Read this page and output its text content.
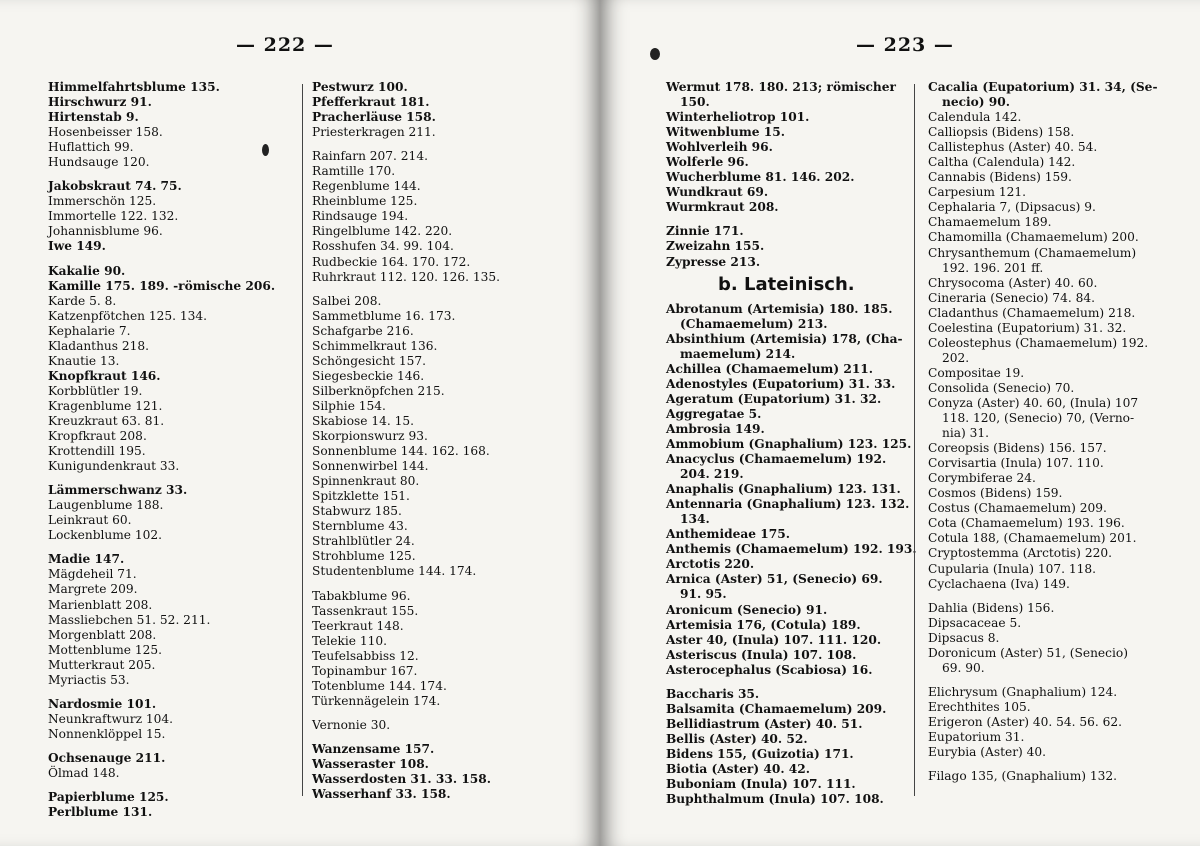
— 222 —
Himmelfahrtsblume 135.
Hirschwurz 91.
Hirtenstab 9.
Hosenbeisser 158.
Huflattich 99.
Hundsauge 120.
Jakobskraut 74. 75.
Immerschön 125.
Immortelle 122. 132.
Johannisblume 96.
Iwe 149.
Kakalie 90.
Kamille 175. 189. -römische 206.
Karde 5. 8.
Katzenpfötchen 125. 134.
Kephalarie 7.
Kladanthus 218.
Knautie 13.
Knopfkraut 146.
Korbblütler 19.
Kragenblume 121.
Kreuzkraut 63. 81.
Kropfkraut 208.
Krottendill 195.
Kunigundenkraut 33.
Lämmerschwanz 33.
Laugenblume 188.
Leinkraut 60.
Lockenblume 102.
Madie 147.
Mägdeheil 71.
Margrete 209.
Marienblatt 208.
Massliebchen 51. 52. 211.
Morgenblatt 208.
Mottenblume 125.
Mutterkraut 205.
Myriactis 53.
Nardosmie 101.
Neunkraftwurz 104.
Nonnenklöppel 15.
Ochsenauge 211.
Ölmad 148.
Papierblume 125.
Perlblume 131.
Pestwurz 100.
Pfefferkraut 181.
Pracherläuse 158.
Priesterkragen 211.
Rainfarn 207. 214.
Ramtille 170.
Regenblume 144.
Rheinblume 125.
Rindsauge 194.
Ringelblume 142. 220.
Rosshufen 34. 99. 104.
Rudbeckie 164. 170. 172.
Ruhrkraut 112. 120. 126. 135.
Salbei 208.
Sammetblume 16. 173.
Schafgarbe 216.
Schimmelkraut 136.
Schöngesicht 157.
Siegesbeckie 146.
Silberknöpfchen 215.
Silphie 154.
Skabiose 14. 15.
Skorpionswurz 93.
Sonnenblume 144. 162. 168.
Sonnenwirbel 144.
Spinnenkraut 80.
Spitzklette 151.
Stabwurz 185.
Sternblume 43.
Strahlblütler 24.
Strohblume 125.
Studentenblume 144. 174.
Tabakblume 96.
Tassenkraut 155.
Teerkraut 148.
Telekie 110.
Teufelsabbiss 12.
Topinambur 167.
Totenblume 144. 174.
Türkennägelein 174.
Vernonie 30.
Wanzensame 157.
Wasseraster 108.
Wasserdosten 31. 33. 158.
Wasserhanf 33. 158.
— 223 —
Wermut 178. 180. 213; römischer
150.
Winterheliotrop 101.
Witwenblume 15.
Wohlverleih 96.
Wolferle 96.
Wucherblume 81. 146. 202.
Wundkraut 69.
Wurmkraut 208.
Zinnie 171.
Zweizahn 155.
Zypresse 213.
b. Lateinisch.
Abrotanum (Artemisia) 180. 185.
(Chamaemelum) 213.
Absinthium (Artemisia) 178, (Cha-
maemelum) 214.
Achillea (Chamaemelum) 211.
Adenostyles (Eupatorium) 31. 33.
Ageratum (Eupatorium) 31. 32.
Aggregatae 5.
Ambrosia 149.
Ammobium (Gnaphalium) 123. 125.
Anacyclus (Chamaemelum) 192.
204. 219.
Anaphalis (Gnaphalium) 123. 131.
Antennaria (Gnaphalium) 123. 132.
134.
Anthemideae 175.
Anthemis (Chamaemelum) 192. 193.
Arctotis 220.
Arnica (Aster) 51, (Senecio) 69.
91. 95.
Aronicum (Senecio) 91.
Artemisia 176, (Cotula) 189.
Aster 40, (Inula) 107. 111. 120.
Asteriscus (Inula) 107. 108.
Asterocephalus (Scabiosa) 16.
Baccharis 35.
Balsamita (Chamaemelum) 209.
Bellidiastrum (Aster) 40. 51.
Bellis (Aster) 40. 52.
Bidens 155, (Guizotia) 171.
Biotia (Aster) 40. 42.
Buboniam (Inula) 107. 111.
Buphthalmum (Inula) 107. 108.
Cacalia (Eupatorium) 31. 34, (Se-
necio) 90.
Calendula 142.
Calliopsis (Bidens) 158.
Callistephus (Aster) 40. 54.
Caltha (Calendula) 142.
Cannabis (Bidens) 159.
Carpesium 121.
Cephalaria 7, (Dipsacus) 9.
Chamaemelum 189.
Chamomilla (Chamaemelum) 200.
Chrysanthemum (Chamaemelum)
192. 196. 201 ff.
Chrysocoma (Aster) 40. 60.
Cineraria (Senecio) 74. 84.
Cladanthus (Chamaemelum) 218.
Coelestina (Eupatorium) 31. 32.
Coleostephus (Chamaemelum) 192.
202.
Compositae 19.
Consolida (Senecio) 70.
Conyza (Aster) 40. 60, (Inula) 107
118. 120, (Senecio) 70, (Verno-
nia) 31.
Coreopsis (Bidens) 156. 157.
Corvisartia (Inula) 107. 110.
Corymbiferae 24.
Cosmos (Bidens) 159.
Costus (Chamaemelum) 209.
Cota (Chamaemelum) 193. 196.
Cotula 188, (Chamaemelum) 201.
Cryptostemma (Arctotis) 220.
Cupularia (Inula) 107. 118.
Cyclachaena (Iva) 149.
Dahlia (Bidens) 156.
Dipsacaceae 5.
Dipsacus 8.
Doronicum (Aster) 51, (Senecio)
69. 90.
Elichrysum (Gnaphalium) 124.
Erechthites 105.
Erigeron (Aster) 40. 54. 56. 62.
Eupatorium 31.
Eurybia (Aster) 40.
Filago 135, (Gnaphalium) 132.
